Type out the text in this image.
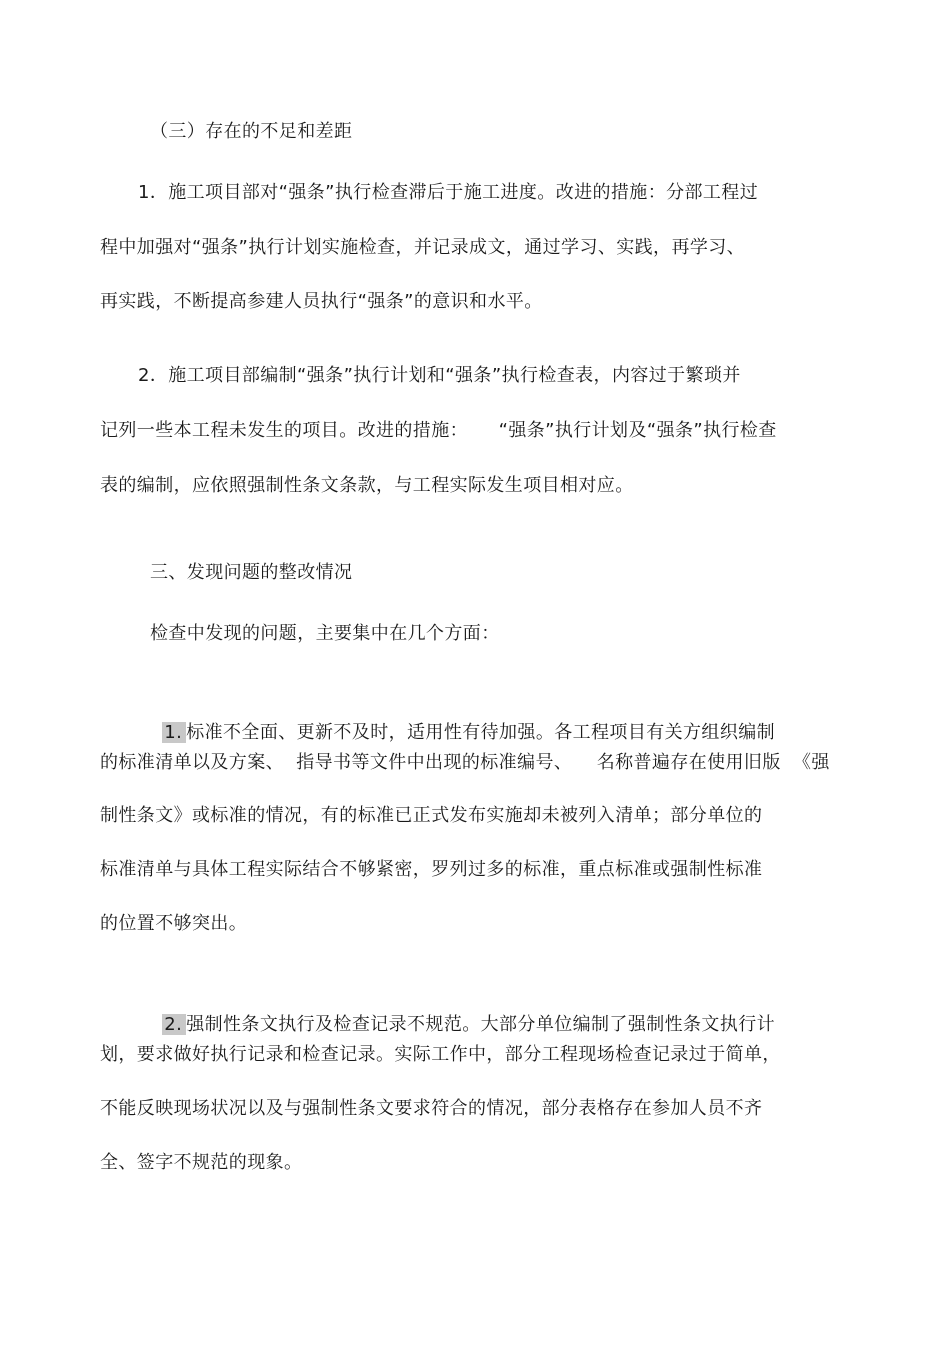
（三）存在的不足和差距
1．施工项目部对“强条”执行检查滞后于施工进度。改进的措施：分部工程过
程中加强对“强条”执行计划实施检查，并记录成文，通过学习、实践，再学习、
再实践，不断提高参建人员执行“强条”的意识和水平。
2．施工项目部编制“强条”执行计划和“强条”执行检查表，内容过于繁琐并
记列一些本工程未发生的项目。改进的措施：     “强条”执行计划及“强条”执行检查
表的编制，应依照强制性条文条款，与工程实际发生项目相对应。
三、发现问题的整改情况
检查中发现的问题，主要集中在几个方面：

1. 标准不全面、更新不及时，适用性有待加强。各工程项目有关方组织编制

的标准清单以及方案、  指导书等文件中出现的标准编号、    名称普遍存在使用旧版  《强
制性条文》或标准的情况，有的标准已正式发布实施却未被列入清单；部分单位的
标准清单与具体工程实际结合不够紧密，罗列过多的标准，重点标准或强制性标准
的位置不够突出。

2. 强制性条文执行及检查记录不规范。大部分单位编制了强制性条文执行计

划，要求做好执行记录和检查记录。实际工作中，部分工程现场检查记录过于简单，
不能反映现场状况以及与强制性条文要求符合的情况，部分表格存在参加人员不齐
全、签字不规范的现象。
